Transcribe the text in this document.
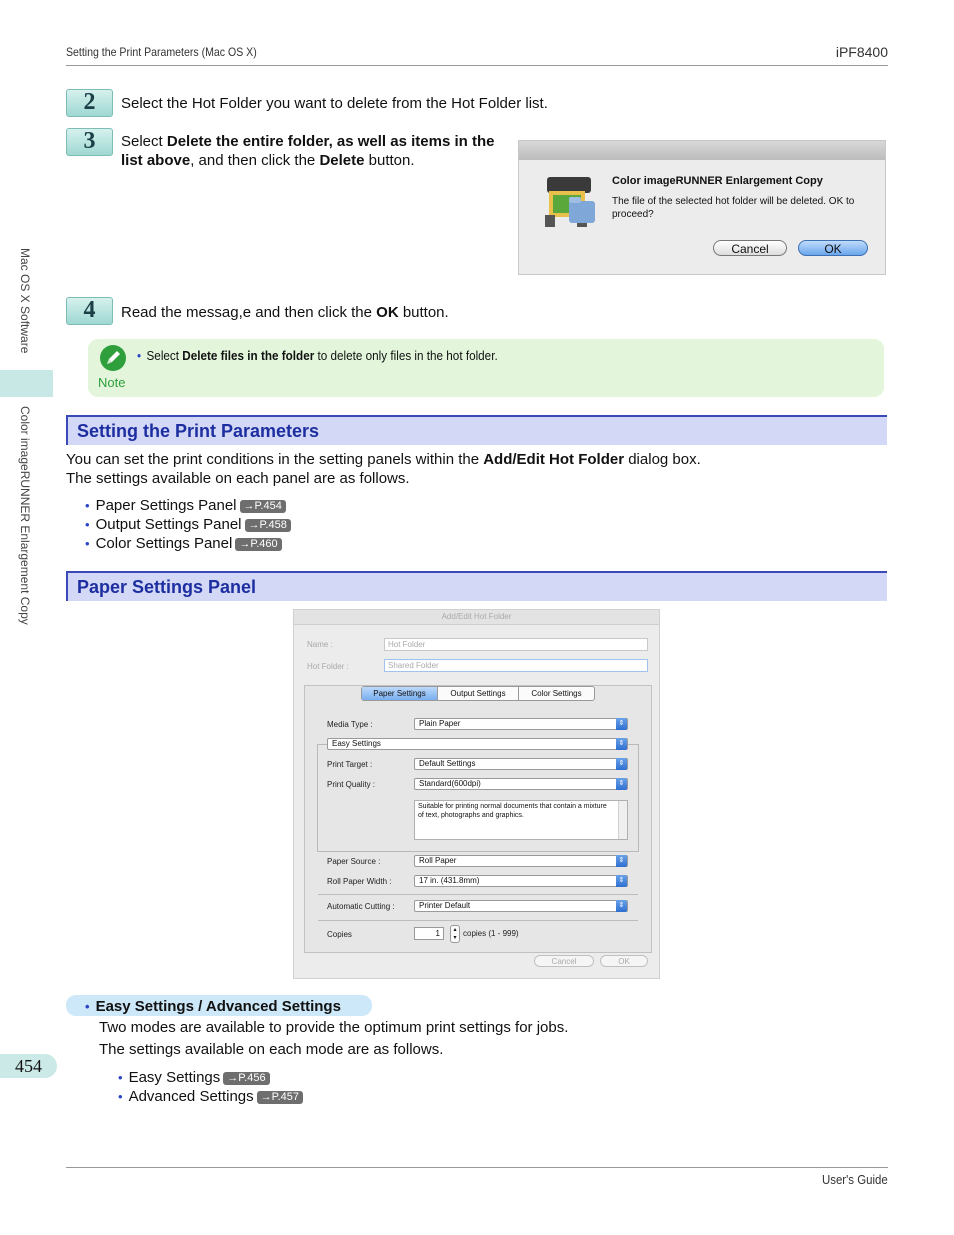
Setting the Print Parameters (Mac OS X)	iPF8400
Mac OS X Software
Color imageRUNNER Enlargement Copy
454
2	Select the Hot Folder you want to delete from the Hot Folder list.
3	Select Delete the entire folder, as well as items in the list above, and then click the Delete button.
Color imageRUNNER Enlargement Copy
The file of the selected hot folder will be deleted. OK to proceed?
Cancel	OK
4	Read the messag,e and then click the OK button.
Note
• Select Delete files in the folder to delete only files in the hot folder.
Setting the Print Parameters
You can set the print conditions in the setting panels within the Add/Edit Hot Folder dialog box.
The settings available on each panel are as follows.
• Paper Settings Panel →P.454
• Output Settings Panel →P.458
• Color Settings Panel →P.460
Paper Settings Panel
Add/Edit Hot Folder
Name :	Hot Folder
Hot Folder :	Shared Folder
Paper Settings	Output Settings	Color Settings
Media Type :	Plain Paper	⇕
Easy Settings	⇕
Print Target :	Default Settings	⇕
Print Quality :	Standard(600dpi)	⇕
Suitable for printing normal documents that contain a mixture of text, photographs and graphics.
Paper Source :	Roll Paper	⇕
Roll Paper Width :	17 in. (431.8mm)	⇕
Automatic Cutting :	Printer Default	⇕
Copies	1	▴
▾ copies (1 - 999)
Cancel	OK
• Easy Settings / Advanced Settings
Two modes are available to provide the optimum print settings for jobs.
The settings available on each mode are as follows.
• Easy Settings →P.456
• Advanced Settings →P.457
User's Guide
